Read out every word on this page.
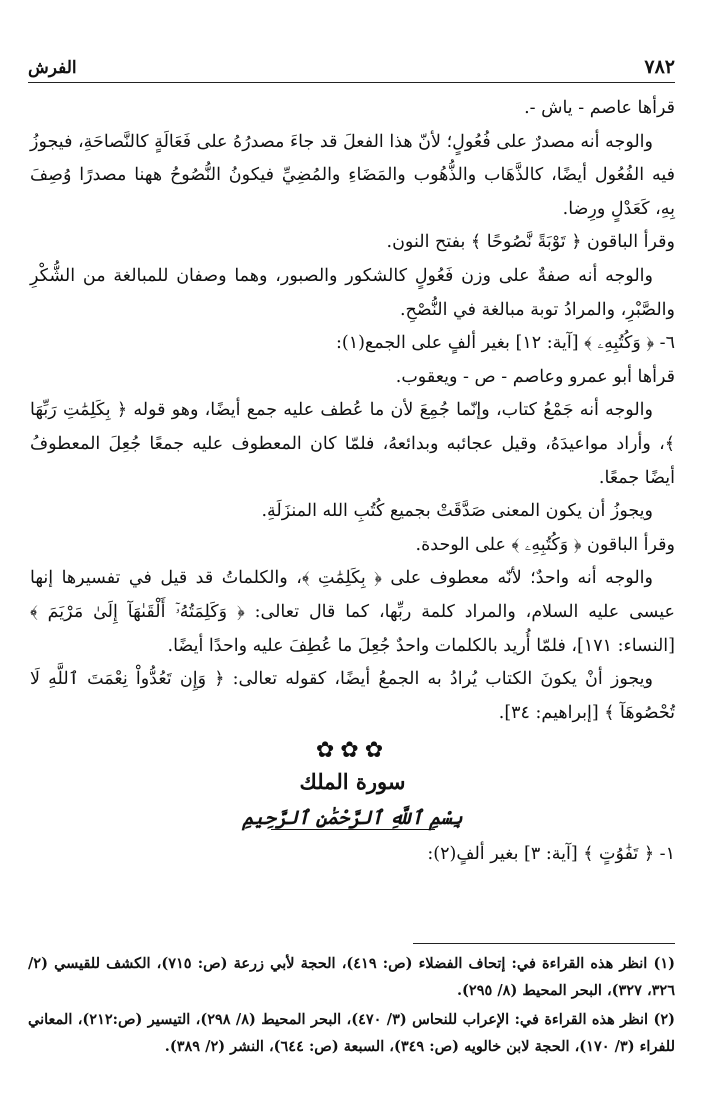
٧٨٢
الفرش

قرأها عاصم - ياش -.

والوجه أنه مصدرٌ على فُعُولٍ؛ لأنّ هذا الفعلَ قد جاءَ مصدرُهُ على فَعَالَةٍ كالنَّصاحَةِ، فيجوزُ فيه الفُعُول أيضًا، كالذَّهَاب والذُّهُوب والمَضَاءِ والمُضِيِّ فيكونُ النُّصُوحُ ههنا مصدرًا وُصِفَ بِهِ، كَعَدْلٍ ورِضا.

وقرأ الباقون ﴿ تَوْبَةً نَّصُوحًا ﴾ بفتح النون.

والوجه أنه صفةٌ على وزن فَعُولٍ كالشكور والصبور، وهما وصفان للمبالغة من الشُّكْرِ والصَّبْرِ، والمرادُ توبة مبالغة في النُّصْحِ.

٦- ﴿ وَكُتُبِهِۦ ﴾ [آية: ١٢] بغير ألفٍ على الجمع(١):

قرأها أبو عمرو وعاصم - ص - ويعقوب.

والوجه أنه جَمْعُ كتاب، وإنّما جُمِعَ لأن ما عُطف عليه جمع أيضًا، وهو قوله ﴿ بِكَلِمَٰتِ رَبِّهَا ﴾، وأراد مواعيدَهُ، وقيل عجائبه وبدائعهُ، فلمّا كان المعطوف عليه جمعًا جُعِلَ المعطوفُ أيضًا جمعًا.

ويجوزُ أن يكون المعنى صَدَّقَتْ بجميع كُتُبِ الله المنزَلَةِ.

وقرأ الباقون ﴿ وَكُتُبِهِۦ ﴾ على الوحدة.

والوجه أنه واحدٌ؛ لأنّه معطوف على ﴿ بِكَلِمَٰتِ ﴾، والكلماتُ قد قيل في تفسيرها إنها عيسى عليه السلام، والمراد كلمة ربِّها، كما قال تعالى: ﴿ وَكَلِمَتُهُۥٓ أَلْقَىٰهَآ إِلَىٰ مَرْيَمَ ﴾ [النساء: ١٧١]، فلمّا أُريد بالكلمات واحدٌ جُعِلَ ما عُطِفَ عليه واحدًا أيضًا.

ويجوز أنْ يكونَ الكتاب يُرادُ به الجمعُ أيضًا، كقوله تعالى: ﴿ وَإِن تَعُدُّواْ نِعْمَتَ ٱللَّهِ لَا تُحْصُوهَآ ﴾ [إبراهيم: ٣٤].

✿✿✿
سورة الملك
بِسْمِ ٱللَّهِ ٱلرَّحْمَٰنِ ٱلرَّحِيمِ

١- ﴿ تَفَٰوُتٍ ﴾ [آية: ٣] بغير ألفٍ(٢):

(١) انظر هذه القراءة في: إتحاف الفضلاء (ص: ٤١٩)، الحجة لأبي زرعة (ص: ٧١٥)، الكشف للقيسي (٢/ ٣٢٦، ٣٢٧)، البحر المحيط (٨/ ٢٩٥).

(٢) انظر هذه القراءة في: الإعراب للنحاس (٣/ ٤٧٠)، البحر المحيط (٨/ ٢٩٨)، التيسير (ص:٢١٢)، المعاني للفراء (٣/ ١٧٠)، الحجة لابن خالويه (ص: ٣٤٩)، السبعة (ص: ٦٤٤)، النشر (٢/ ٣٨٩).
